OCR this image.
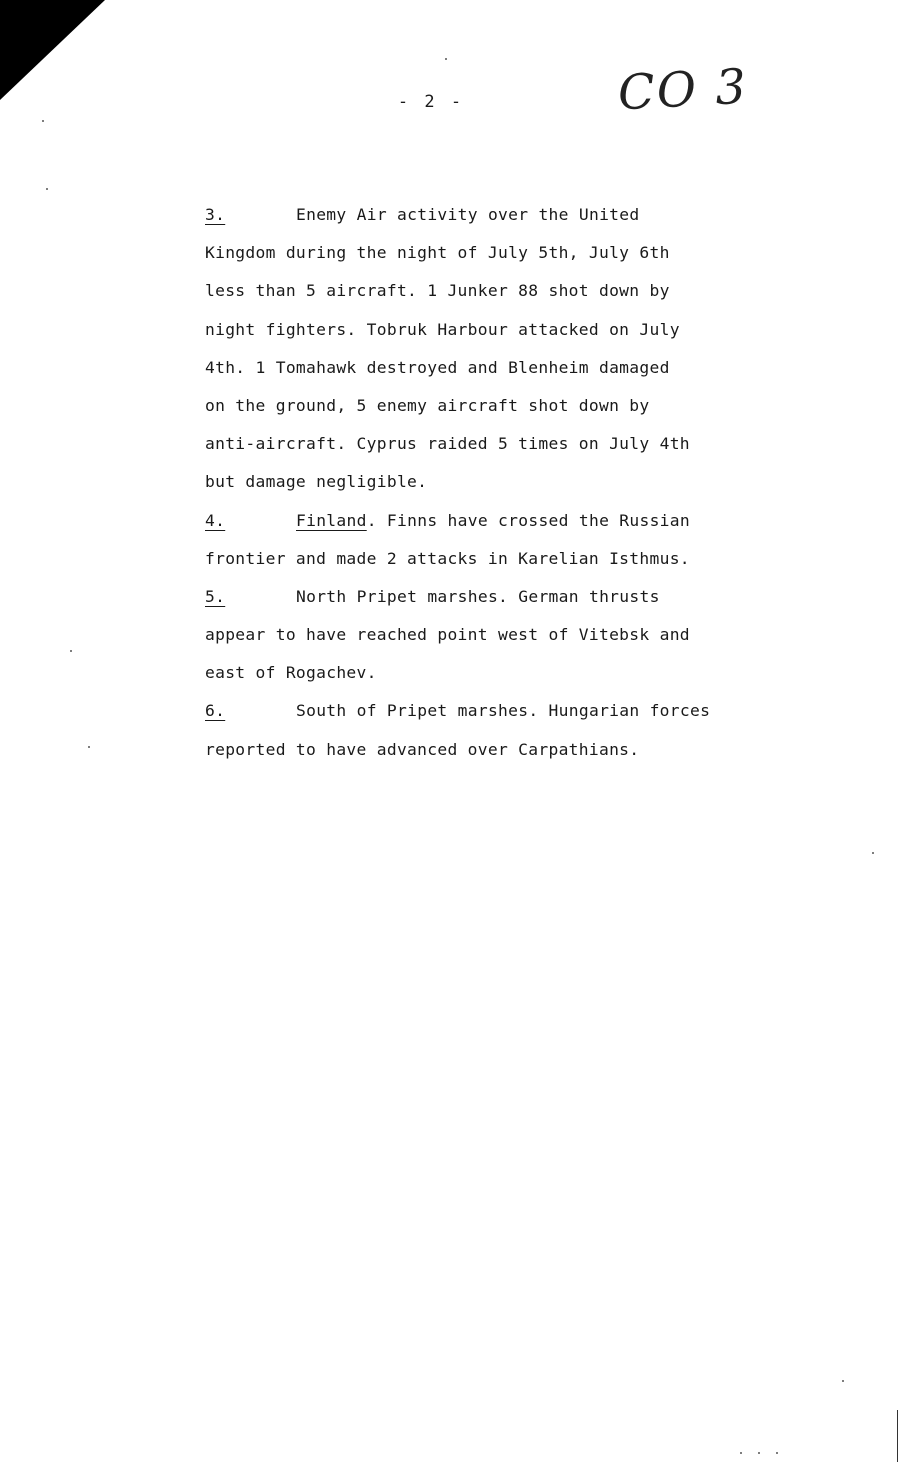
- 2 -	CO 3
3.	Enemy Air activity over the United
Kingdom during the night of July 5th, July 6th
less than 5 aircraft. 1 Junker 88 shot down by
night fighters. Tobruk Harbour attacked on July
4th. 1 Tomahawk destroyed and Blenheim damaged
on the ground, 5 enemy aircraft shot down by
anti-aircraft. Cyprus raided 5 times on July 4th
but damage negligible.
4.	Finland. Finns have crossed the Russian
frontier and made 2 attacks in Karelian Isthmus.
5.	North Pripet marshes. German thrusts
appear to have reached point west of Vitebsk and
east of Rogachev.
6.	South of Pripet marshes. Hungarian forces
reported to have advanced over Carpathians.
